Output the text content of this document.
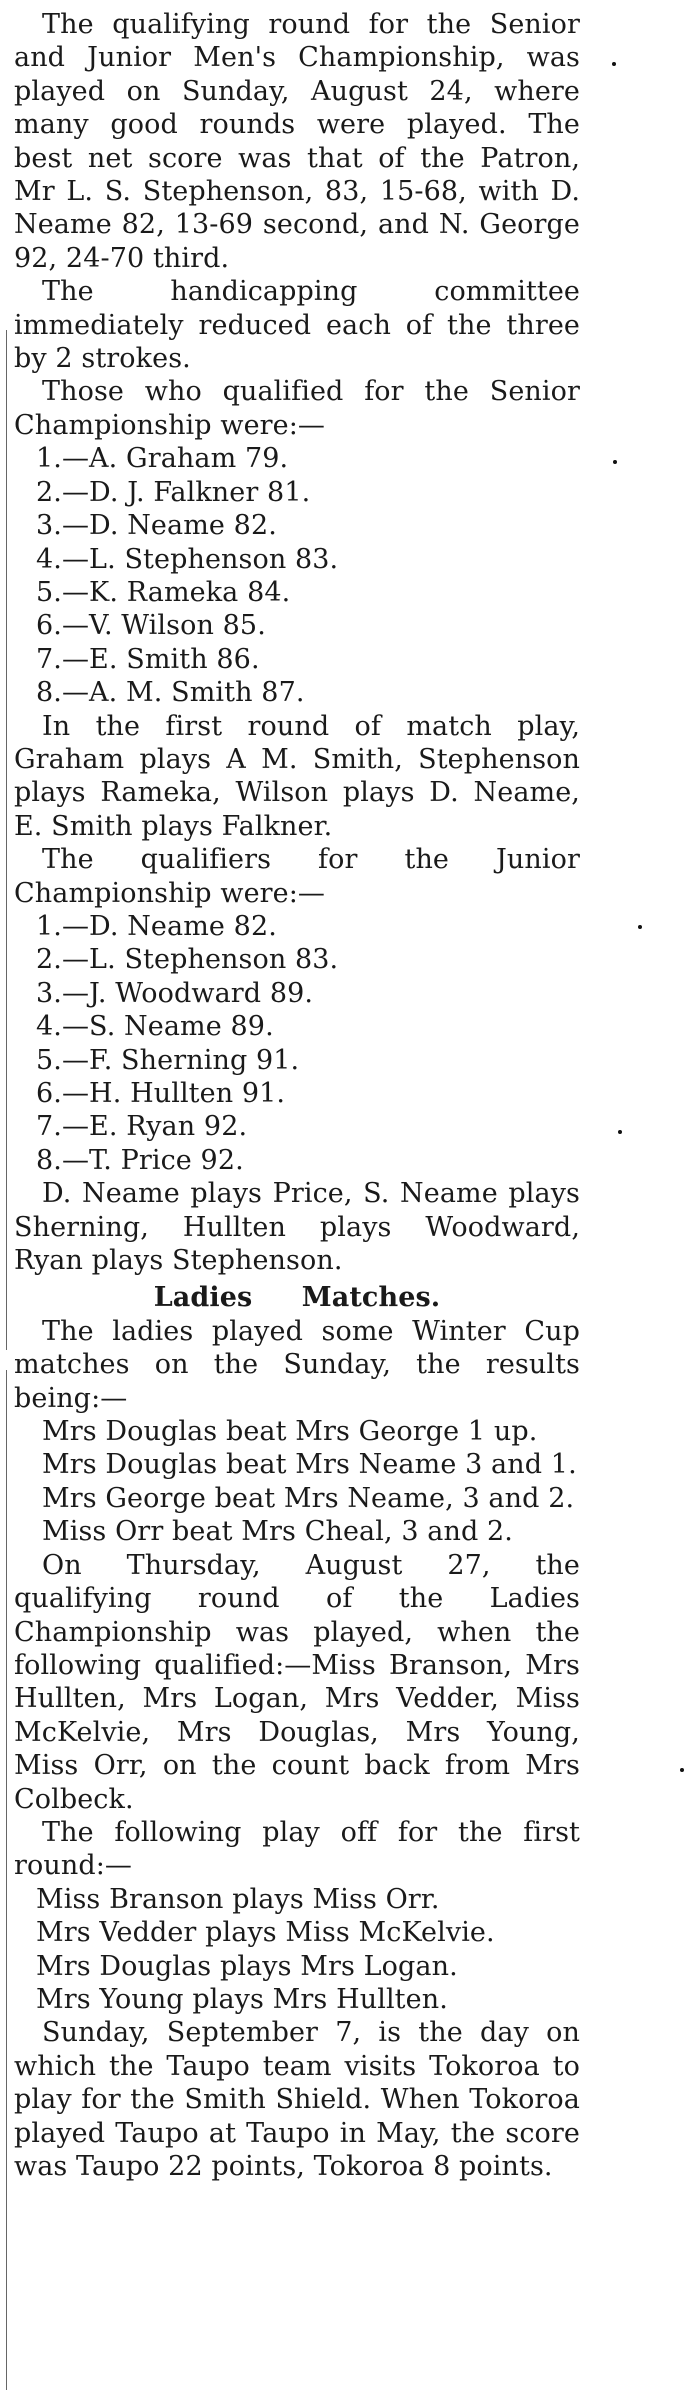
The qualifying round for the Senior and Junior Men's Championship, was played on Sunday, August 24, where many good rounds were played. The best net score was that of the Patron, Mr L. S. Stephenson, 83, 15-68, with D. Neame 82, 13-69 second, and N. George 92, 24-70 third.

The handicapping committee immediately reduced each of the three by 2 strokes.

Those who qualified for the Senior Championship were:—

1.—A. Graham 79.

2.—D. J. Falkner 81.

3.—D. Neame 82.

4.—L. Stephenson 83.

5.—K. Rameka 84.

6.—V. Wilson 85.

7.—E. Smith 86.

8.—A. M. Smith 87.

In the first round of match play, Graham plays A M. Smith, Stephenson plays Rameka, Wilson plays D. Neame, E. Smith plays Falkner.

The qualifiers for the Junior Championship were:—

1.—D. Neame 82.

2.—L. Stephenson 83.

3.—J. Woodward 89.

4.—S. Neame 89.

5.—F. Sherning 91.

6.—H. Hullten 91.

7.—E. Ryan 92.

8.—T. Price 92.

D. Neame plays Price, S. Neame plays Sherning, Hullten plays Woodward, Ryan plays Stephenson.

Ladies Matches.

The ladies played some Winter Cup matches on the Sunday, the results being:—

Mrs Douglas beat Mrs George 1 up.

Mrs Douglas beat Mrs Neame 3 and 1.

Mrs George beat Mrs Neame, 3 and 2.

Miss Orr beat Mrs Cheal, 3 and 2.

On Thursday, August 27, the qualifying round of the Ladies Championship was played, when the following qualified:—Miss Branson, Mrs Hullten, Mrs Logan, Mrs Vedder, Miss McKelvie, Mrs Douglas, Mrs Young, Miss Orr, on the count back from Mrs Colbeck.

The following play off for the first round:—

Miss Branson plays Miss Orr.

Mrs Vedder plays Miss McKelvie.

Mrs Douglas plays Mrs Logan.

Mrs Young plays Mrs Hullten.

Sunday, September 7, is the day on which the Taupo team visits Tokoroa to play for the Smith Shield. When Tokoroa played Taupo at Taupo in May, the score was Taupo 22 points, Tokoroa 8 points.
